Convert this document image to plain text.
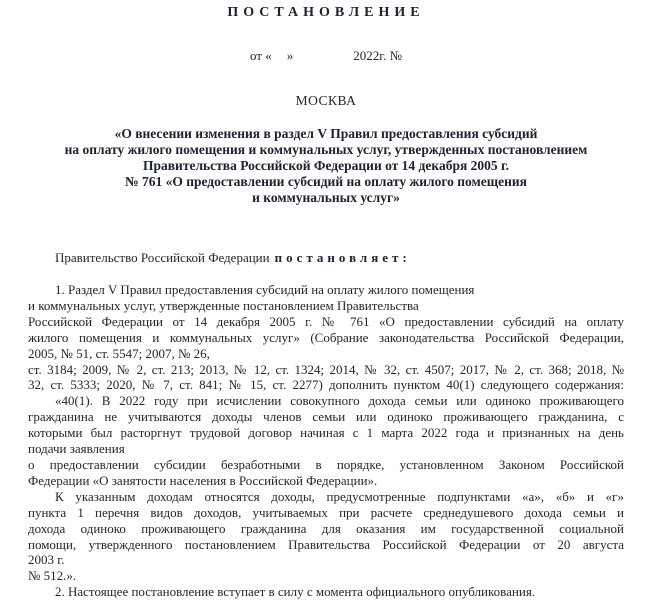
ПОСТАНОВЛЕНИЕ
от « »	2022г. №
МОСКВА
«О внесении изменения в раздел V Правил предоставления субсидий
на оплату жилого помещения и коммунальных услуг, утвержденных постановлением
Правительства Российской Федерации от 14 декабря 2005 г.
№ 761 «О предоставлении субсидий на оплату жилого помещения
и коммунальных услуг»
Правительство Российской Федерации постановляет:
1. Раздел V Правил предоставления субсидий на оплату жилого помещения
и коммунальных услуг, утвержденные постановлением Правительства
Российской Федерации от 14 декабря 2005 г. № 761 «О предоставлении субсидий на оплату
жилого помещения и коммунальных услуг» (Собрание законодательства Российской Федерации,
2005, № 51, ст. 5547; 2007, № 26,
ст. 3184; 2009, № 2, ст. 213; 2013, № 12, ст. 1324; 2014, № 32, ст. 4507; 2017, № 2, ст. 368; 2018, №
32, ст. 5333; 2020, № 7, ст. 841; № 15, ст. 2277) дополнить пунктом 40(1) следующего содержания:
«40(1). В 2022 году при исчислении совокупного дохода семьи или одиноко проживающего
гражданина не учитываются доходы членов семьи или одиноко проживающего гражданина, с
которыми был расторгнут трудовой договор начиная с 1 марта 2022 года и признанных на день
подачи заявления
о предоставлении субсидии безработными в порядке, установленном Законом Российской
Федерации «О занятости населения в Российской Федерации».
К указанным доходам относятся доходы, предусмотренные подпунктами «а», «б» и «г»
пункта 1 перечня видов доходов, учитываемых при расчете среднедушевого дохода семьи и
дохода одиноко проживающего гражданина для оказания им государственной социальной
помощи, утвержденного постановлением Правительства Российской Федерации от 20 августа
2003 г.
№ 512.».
2. Настоящее постановление вступает в силу с момента официального опубликования.
